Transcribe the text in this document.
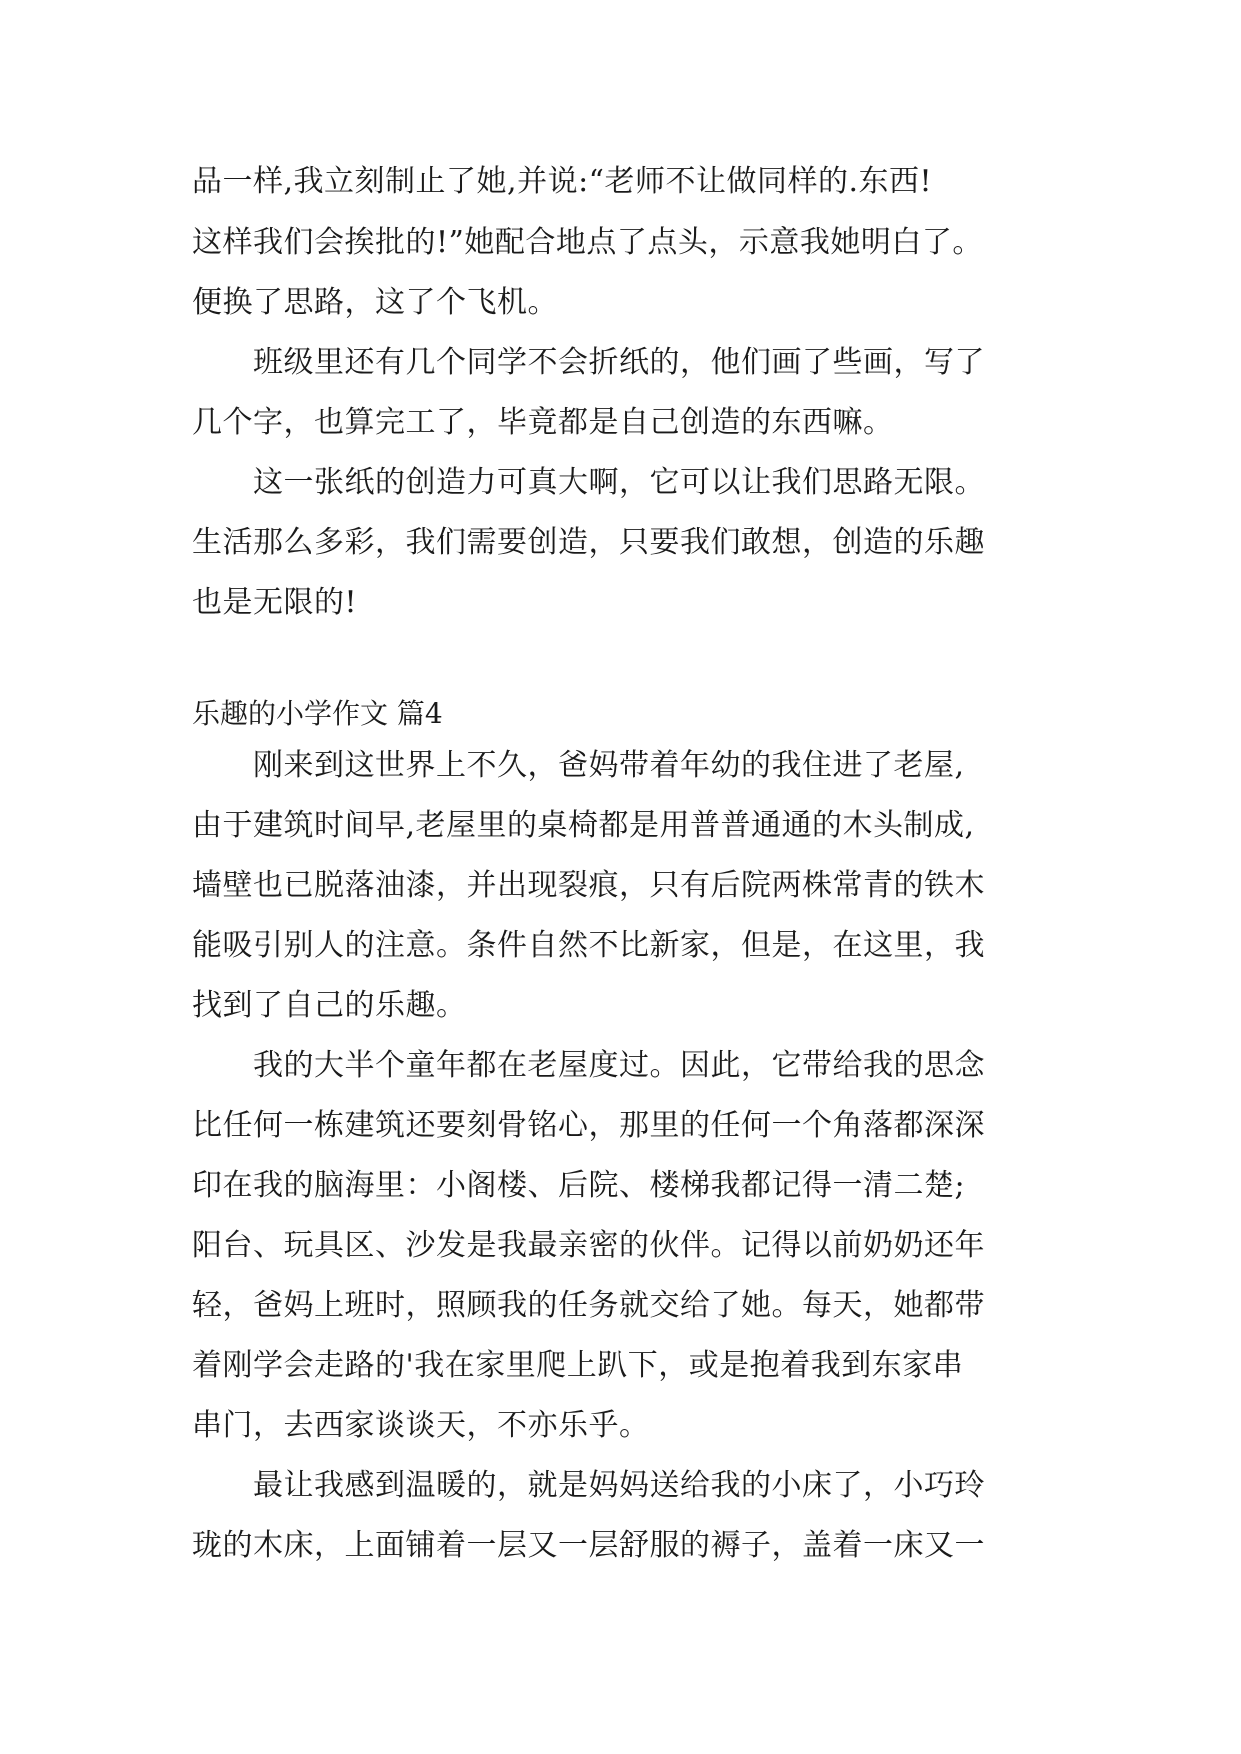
品一样,我立刻制止了她,并说:“老师不让做同样的.东西!
这样我们会挨批的!”她配合地点了点头，示意我她明白了。
便换了思路，这了个飞机。
　　班级里还有几个同学不会折纸的，他们画了些画，写了
几个字，也算完工了，毕竟都是自己创造的东西嘛。
　　这一张纸的创造力可真大啊，它可以让我们思路无限。
生活那么多彩，我们需要创造，只要我们敢想，创造的乐趣
也是无限的!
乐趣的小学作文 篇4
　　刚来到这世界上不久，爸妈带着年幼的我住进了老屋,
由于建筑时间早,老屋里的桌椅都是用普普通通的木头制成,
墙壁也已脱落油漆，并出现裂痕，只有后院两株常青的铁木
能吸引别人的注意。条件自然不比新家，但是，在这里，我
找到了自己的乐趣。
　　我的大半个童年都在老屋度过。因此，它带给我的思念
比任何一栋建筑还要刻骨铭心，那里的任何一个角落都深深
印在我的脑海里：小阁楼、后院、楼梯我都记得一清二楚;
阳台、玩具区、沙发是我最亲密的伙伴。记得以前奶奶还年
轻，爸妈上班时，照顾我的任务就交给了她。每天，她都带
着刚学会走路的'我在家里爬上趴下，或是抱着我到东家串
串门，去西家谈谈天，不亦乐乎。
　　最让我感到温暖的，就是妈妈送给我的小床了，小巧玲
珑的木床，上面铺着一层又一层舒服的褥子，盖着一床又一
